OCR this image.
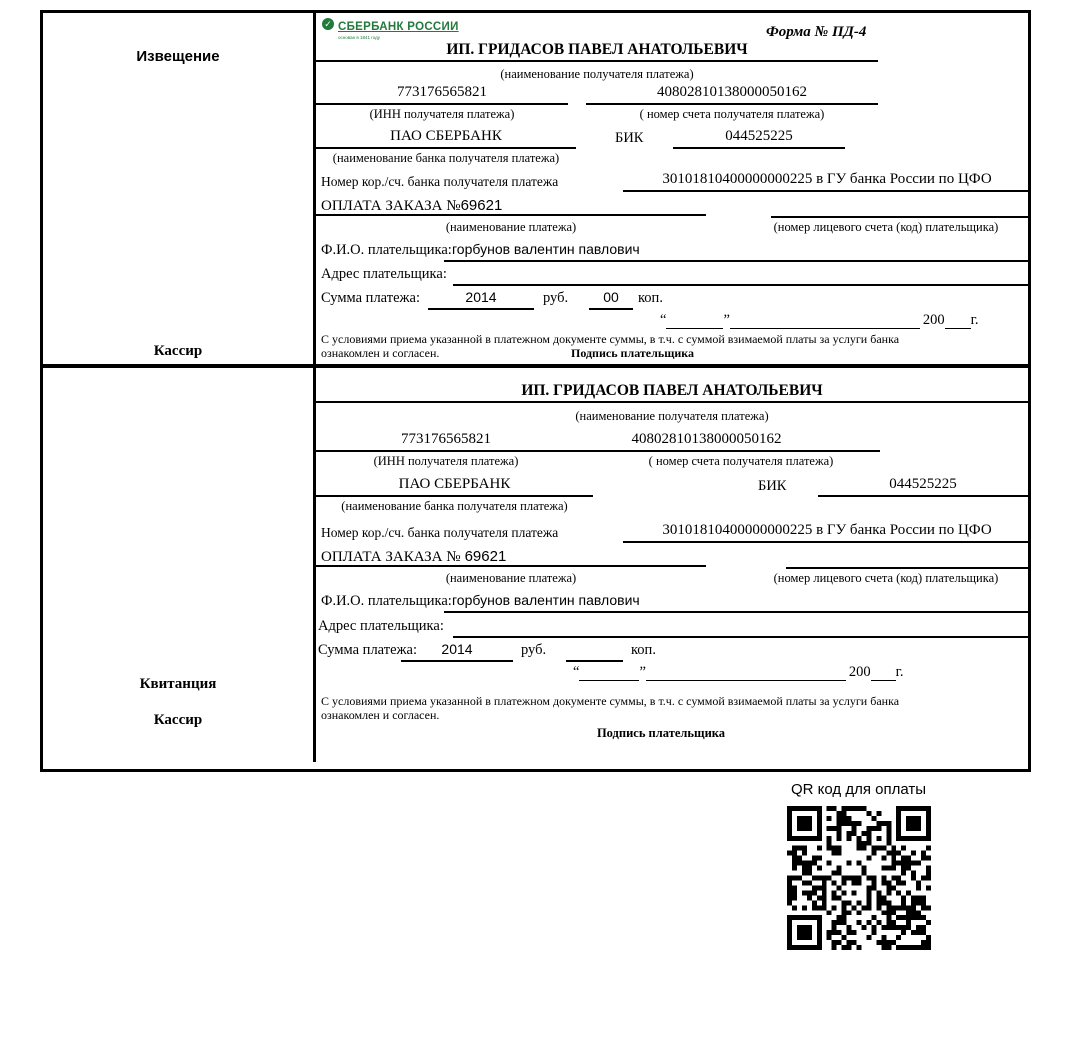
Извещение
Кассир
✓ СБЕРБАНК РОССИИ
основан в 1841 году	Форма № ПД-4
ИП. ГРИДАСОВ ПАВЕЛ АНАТОЛЬЕВИЧ
(наименование получателя платежа)
773176565821	40802810138000050162
(ИНН получателя платежа)	( номер счета получателя платежа)
ПАО СБЕРБАНК	БИК	044525225
(наименование банка получателя платежа)
Номер кор./сч. банка получателя платежа	30101810400000000225 в ГУ банка России по ЦФО
ОПЛАТА ЗАКАЗА №69621
(наименование платежа)	(номер лицевого счета (код) плательщика)
Ф.И.О. плательщика: горбунов валентин павлович
Адрес плательщика:
Сумма платежа:	2014	руб.	00	коп.
“	”	200 г.
С условиями приема указанной в платежном документе суммы, в т.ч. с суммой взимаемой платы за услуги банка
ознакомлен и согласен.	Подпись плательщика
Квитанция
Кассир
ИП. ГРИДАСОВ ПАВЕЛ АНАТОЛЬЕВИЧ
(наименование получателя платежа)
773176565821	40802810138000050162
(ИНН получателя платежа)	( номер счета получателя платежа)
ПАО СБЕРБАНК	БИК	044525225
(наименование банка получателя платежа)
Номер кор./сч. банка получателя платежа	30101810400000000225 в ГУ банка России по ЦФО
ОПЛАТА ЗАКАЗА № 69621
(наименование платежа)	(номер лицевого счета (код) плательщика)
Ф.И.О. плательщика: горбунов валентин павлович
Адрес плательщика:
Сумма платежа:	2014	руб.	коп.
“	”	200 г.
С условиями приема указанной в платежном документе суммы, в т.ч. с суммой взимаемой платы за услуги банка
ознакомлен и согласен.
Подпись плательщика
QR код для оплаты
